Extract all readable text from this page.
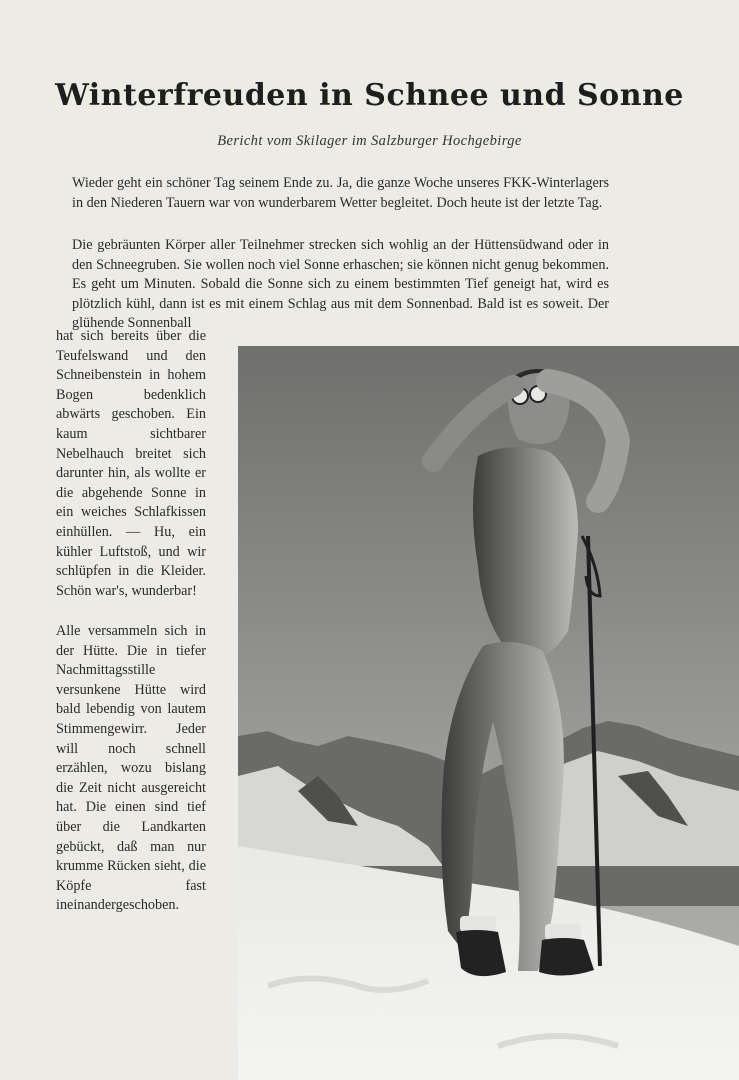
Winterfreuden in Schnee und Sonne
Bericht vom Skilager im Salzburger Hochgebirge
Wieder geht ein schöner Tag seinem Ende zu. Ja, die ganze Woche unseres FKK-Winterlagers in den Niederen Tauern war von wunderbarem Wetter begleitet. Doch heute ist der letzte Tag.
Die gebräunten Körper aller Teilnehmer strecken sich wohlig an der Hüttensüdwand oder in den Schneegruben. Sie wollen noch viel Sonne erhaschen; sie können nicht genug bekommen. Es geht um Minuten. Sobald die Sonne sich zu einem bestimmten Tief geneigt hat, wird es plötzlich kühl, dann ist es mit einem Schlag aus mit dem Sonnenbad. Bald ist es soweit. Der glühende Sonnenball
hat sich bereits über die Teufelswand und den Schneibenstein in hohem Bogen bedenklich abwärts geschoben. Ein kaum sichtbarer Nebelhauch breitet sich darunter hin, als wollte er die abgehende Sonne in ein weiches Schlafkissen einhüllen. — Hu, ein kühler Luftstoß, und wir schlüpfen in die Kleider. Schön war's, wunderbar!
Alle versammeln sich in der Hütte. Die in tiefer Nachmittagsstille versunkene Hütte wird bald lebendig von lautem Stimmengewirr. Jeder will noch schnell erzählen, wozu bislang die Zeit nicht ausgereicht hat. Die einen sind tief über die Landkarten gebückt, daß man nur krumme Rücken sieht, die Köpfe fast ineinandergeschoben.
